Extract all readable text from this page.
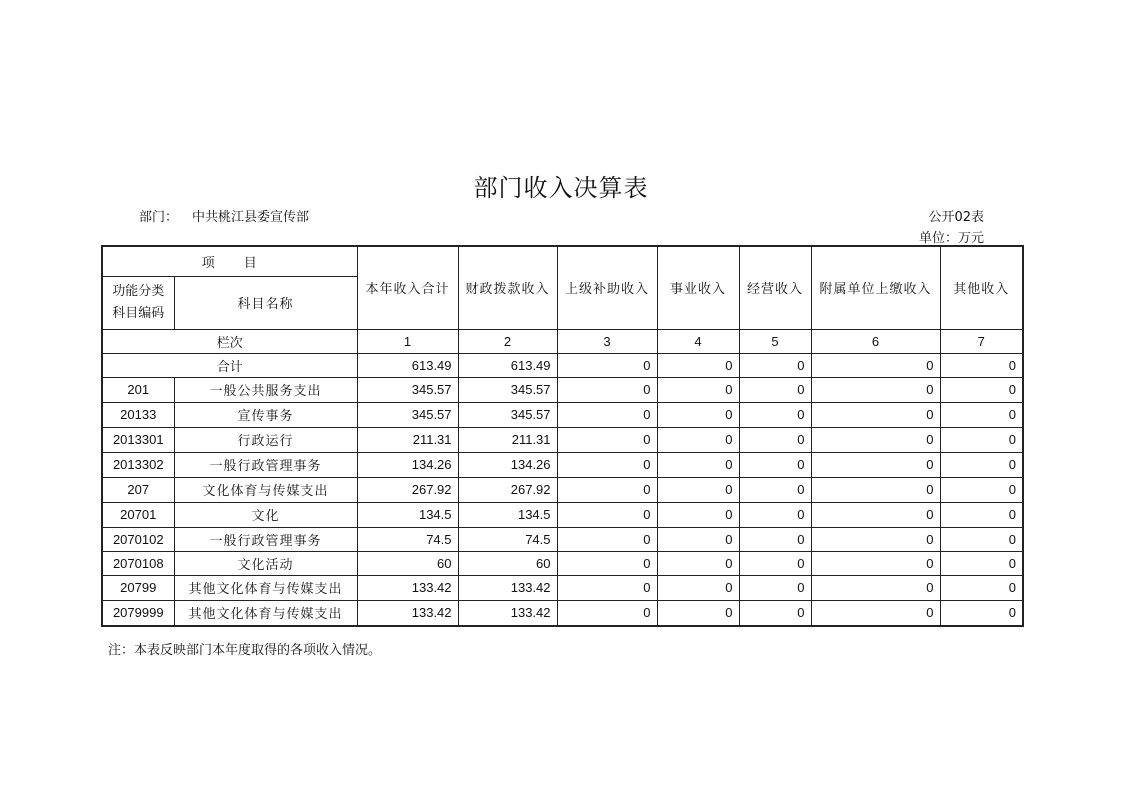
部门收入决算表
部门： 中共桃江县委宣传部	公开02表
单位：万元
项　　目		本年收入合计	财政拨款收入	上级补助收入	事业收入	经营收入	附属单位上缴收入	其他收入

功能分类
科目编码	科目名称							
栏次		1	2	3	4	5	6	7
合计		613.49	613.49	0	0	0	0	0
201	一般公共服务支出	345.57	345.57	0	0	0	0	0
20133	宣传事务	345.57	345.57	0	0	0	0	0
2013301	行政运行	211.31	211.31	0	0	0	0	0
2013302	一般行政管理事务	134.26	134.26	0	0	0	0	0
207	文化体育与传媒支出	267.92	267.92	0	0	0	0	0
20701	文化	134.5	134.5	0	0	0	0	0
2070102	一般行政管理事务	74.5	74.5	0	0	0	0	0
2070108	文化活动	60	60	0	0	0	0	0
20799	其他文化体育与传媒支出	133.42	133.42	0	0	0	0	0
2079999	其他文化体育与传媒支出	133.42	133.42	0	0	0	0	0
注：本表反映部门本年度取得的各项收入情况。
